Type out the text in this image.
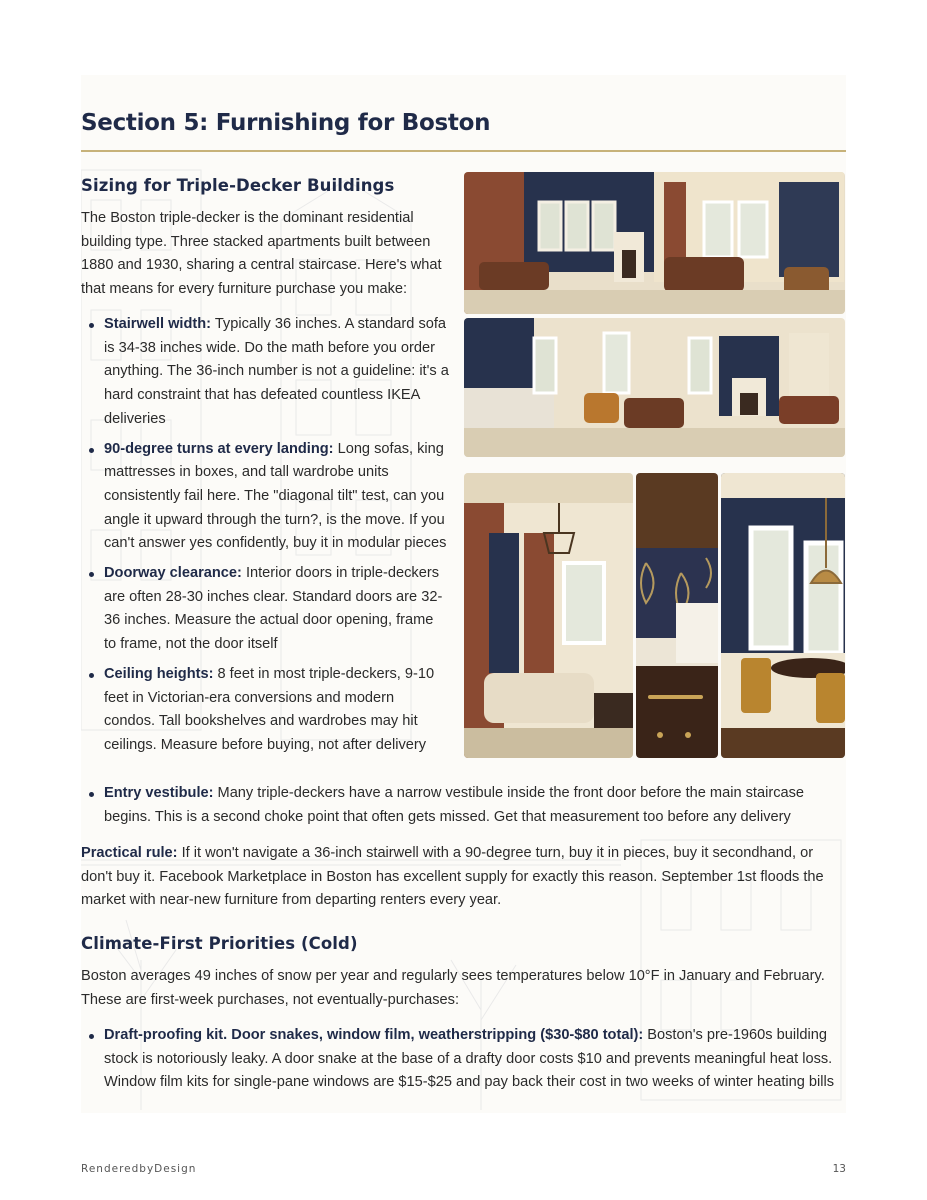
Section 5: Furnishing for Boston
Sizing for Triple-Decker Buildings

The Boston triple-decker is the dominant residential building type. Three stacked apartments built between 1880 and 1930, sharing a central staircase. Here's what that means for every furniture purchase you make:

Stairwell width: Typically 36 inches. A standard sofa is 34-38 inches wide. Do the math before you order anything. The 36-inch number is not a guideline: it's a hard constraint that has defeated countless IKEA deliveries
90-degree turns at every landing: Long sofas, king mattresses in boxes, and tall wardrobe units consistently fail here. The "diagonal tilt" test, can you angle it upward through the turn?, is the move. If you can't answer yes confidently, buy it in modular pieces
Doorway clearance: Interior doors in triple-deckers are often 28-30 inches clear. Standard doors are 32-36 inches. Measure the actual door opening, frame to frame, not the door itself
Ceiling heights: 8 feet in most triple-deckers, 9-10 feet in Victorian-era conversions and modern condos. Tall bookshelves and wardrobes may hit ceilings. Measure before buying, not after delivery
Entry vestibule: Many triple-deckers have a narrow vestibule inside the front door before the main staircase begins. This is a second choke point that often gets missed. Get that measurement too before any delivery

Practical rule: If it won't navigate a 36-inch stairwell with a 90-degree turn, buy it in pieces, buy it secondhand, or don't buy it. Facebook Marketplace in Boston has excellent supply for exactly this reason. September 1st floods the market with near-new furniture from departing renters every year.

Climate-First Priorities (Cold)

Boston averages 49 inches of snow per year and regularly sees temperatures below 10°F in January and February. These are first-week purchases, not eventually-purchases:

Draft-proofing kit. Door snakes, window film, weatherstripping ($30-$80 total): Boston's pre-1960s building stock is notoriously leaky. A door snake at the base of a drafty door costs $10 and prevents meaningful heat loss. Window film kits for single-pane windows are $15-$25 and pay back their cost in two weeks of winter heating bills
RenderedbyDesign	13
